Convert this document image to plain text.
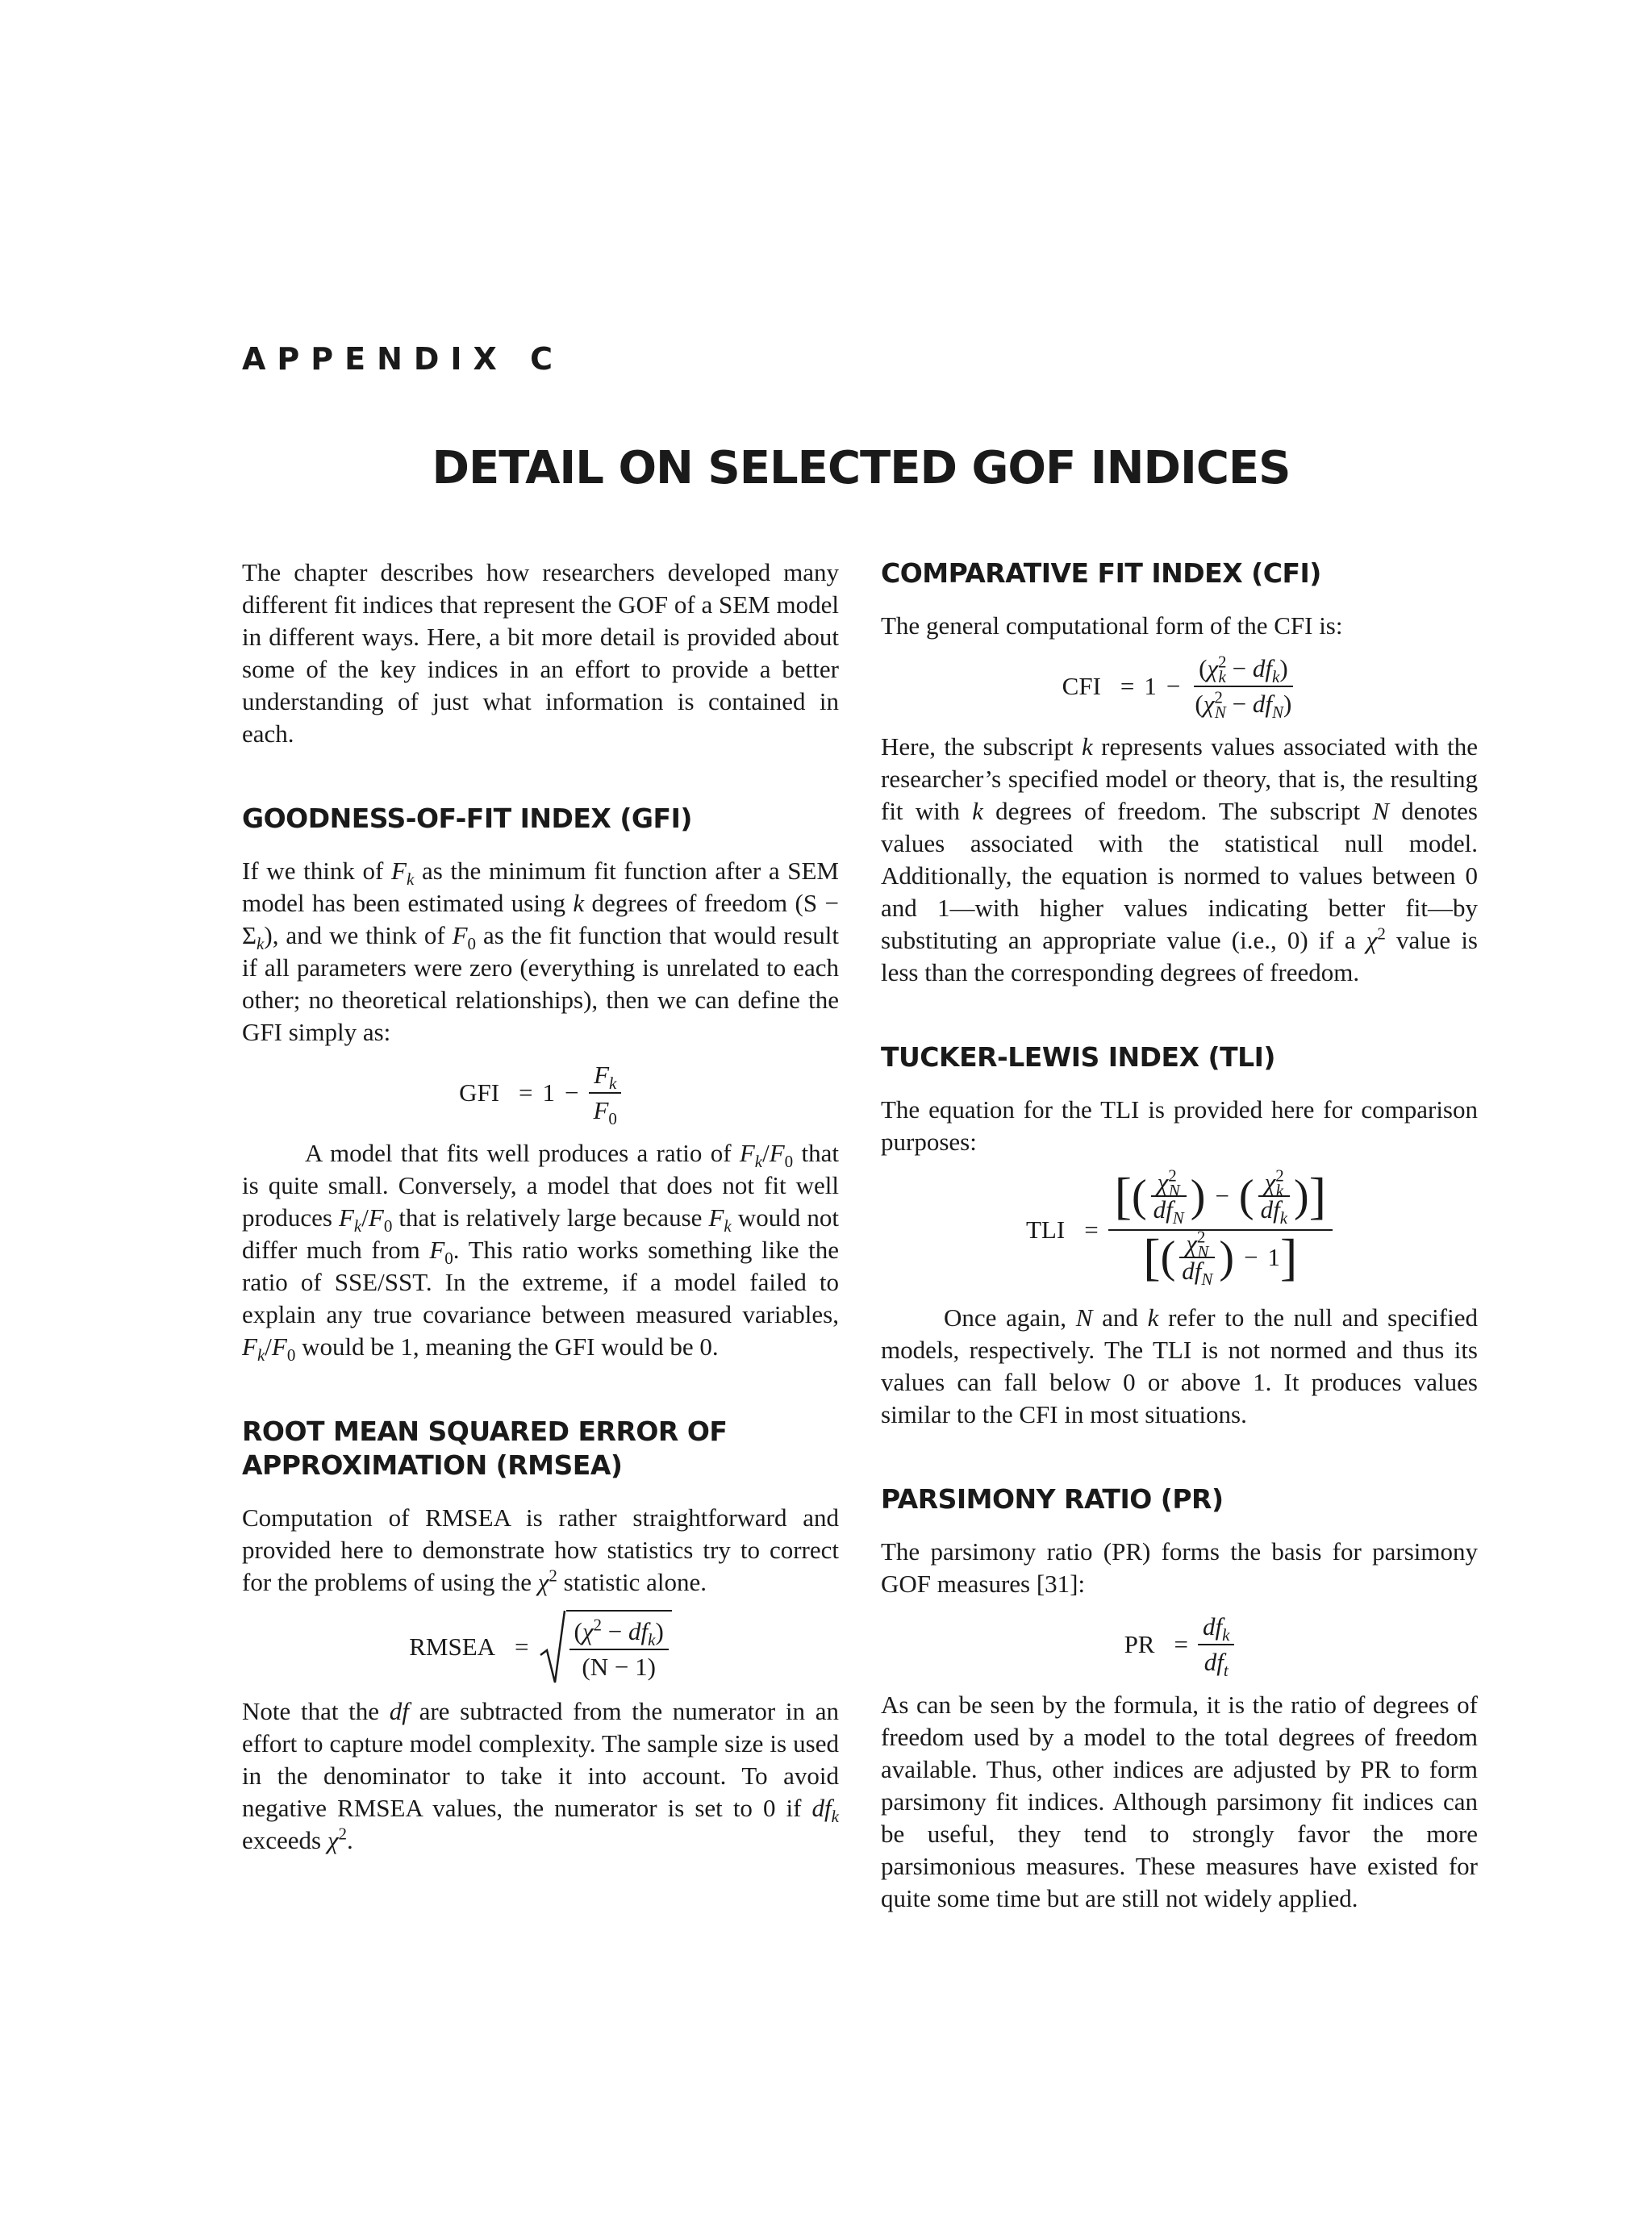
APPENDIX C
DETAIL ON SELECTED GOF INDICES

The chapter describes how researchers developed many different fit indices that represent the GOF of a SEM model in different ways. Here, a bit more detail is provided about some of the key indices in an effort to provide a better understanding of just what information is contained in each.

GOODNESS-OF-FIT INDEX (GFI)

If we think of $F_k$ as the minimum fit function after a SEM model has been estimated using k degrees of freedom $(S - \Sigma_k)$, and we think of $F_0$ as the fit function that would result if all parameters were zero (everything is unrelated to each other; no theoretical relationships), then we can define the GFI simply as:

GFI = $1 - \frac{F_k}{F_0}$

A model that fits well produces a ratio of $F_k/F_0$ that is quite small. Conversely, a model that does not fit well produces $F_k/F_0$ that is relatively large because $F_k$ would not differ much from $F_0$. This ratio works something like the ratio of SSE/SST. In the extreme, if a model failed to explain any true covariance between measured variables, $F_k/F_0$ would be 1, meaning the GFI would be 0.

ROOT MEAN SQUARED ERROR OF
APPROXIMATION (RMSEA)

Computation of RMSEA is rather straightforward and provided here to demonstrate how statistics try to correct for the problems of using the $\chi^2$ statistic alone.

RMSEA = $\frac{(\chi^2 - df_k)}{(N - 1)}$

Note that the df are subtracted from the numerator in an effort to capture model complexity. The sample size is used in the denominator to take it into account. To avoid negative RMSEA values, the numerator is set to 0 if $df_k$ exceeds $\chi^2$.

COMPARATIVE FIT INDEX (CFI)

The general computational form of the CFI is:

CFI = $1 - \frac{(\chi^2_k - df_k)}{(\chi^2_N - df_N)}$

Here, the subscript k represents values associated with the researcher’s specified model or theory, that is, the resulting fit with k degrees of freedom. The subscript N denotes values associated with the statistical null model. Additionally, the equation is normed to values between 0 and 1—with higher values indicating better fit—by substituting an appropriate value (i.e., 0) if a $\chi^2$ value is less than the corresponding degrees of freedom.

TUCKER-LEWIS INDEX (TLI)

The equation for the TLI is provided here for comparison purposes:

TLI =
[ ( $\frac{\chi^2_N}{df_N}$ ) − ( $\frac{\chi^2_k}{df_k}$ ) ]
[ ( $\frac{\chi^2_N}{df_N}$ ) − 1 ]

Once again, N and k refer to the null and specified models, respectively. The TLI is not normed and thus its values can fall below 0 or above 1. It produces values similar to the CFI in most situations.

PARSIMONY RATIO (PR)

The parsimony ratio (PR) forms the basis for parsimony GOF measures [31]:

PR = $\frac{df_k}{df_t}$

As can be seen by the formula, it is the ratio of degrees of freedom used by a model to the total degrees of freedom available. Thus, other indices are adjusted by PR to form parsimony fit indices. Although parsimony fit indices can be useful, they tend to strongly favor the more parsimonious measures. These measures have existed for quite some time but are still not widely applied.
